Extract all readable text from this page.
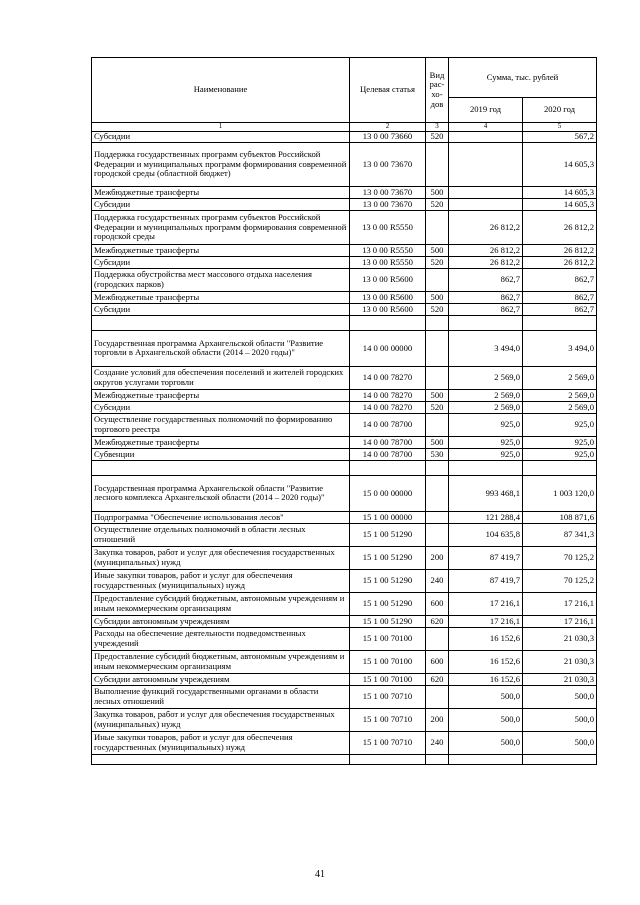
Наименование	Целевая статья	Вид рас-хо-дов	Сумма, тыс. рублей	
			2019 год	2020 год
1	2	3	4	5
Субсидии	13 0 00 73660	520		567,2
Поддержка государственных программ субъектов Российской Федерации и муниципальных программ формирования современной городской среды (областной бюджет)	13 0 00 73670			14 605,3
Межбюджетные трансферты	13 0 00 73670	500		14 605,3
Субсидии	13 0 00 73670	520		14 605,3
Поддержка государственных программ субъектов Российской Федерации и муниципальных программ формирования современной городской среды	13 0 00 R5550		26 812,2	26 812,2
Межбюджетные трансферты	13 0 00 R5550	500	26 812,2	26 812,2
Субсидии	13 0 00 R5550	520	26 812,2	26 812,2
Поддержка обустройства мест массового отдыха населения (городских парков)	13 0 00 R5600		862,7	862,7
Межбюджетные трансферты	13 0 00 R5600	500	862,7	862,7
Субсидии	13 0 00 R5600	520	862,7	862,7

Государственная программа Архангельской области "Развитие торговли в Архангельской области (2014 – 2020 годы)"	14 0 00 00000		3 494,0	3 494,0
Создание условий для обеспечения поселений и жителей городских округов услугами торговли	14 0 00 78270		2 569,0	2 569,0
Межбюджетные трансферты	14 0 00 78270	500	2 569,0	2 569,0
Субсидии	14 0 00 78270	520	2 569,0	2 569,0
Осуществление государственных полномочий по формированию торгового реестра	14 0 00 78700		925,0	925,0
Межбюджетные трансферты	14 0 00 78700	500	925,0	925,0
Субвенции	14 0 00 78700	530	925,0	925,0

Государственная программа Архангельской области "Развитие лесного комплекса Архангельской области (2014 – 2020 годы)"	15 0 00 00000		993 468,1	1 003 120,0
Подпрограмма "Обеспечение использования лесов"	15 1 00 00000		121 288,4	108 871,6
Осуществление отдельных полномочий в области лесных отношений	15 1 00 51290		104 635,8	87 341,3
Закупка товаров, работ и услуг для обеспечения государственных (муниципальных) нужд	15 1 00 51290	200	87 419,7	70 125,2
Иные закупки товаров, работ и услуг для обеспечения государственных (муниципальных) нужд	15 1 00 51290	240	87 419,7	70 125,2
Предоставление субсидий бюджетным, автономным учреждениям и иным некоммерческим организациям	15 1 00 51290	600	17 216,1	17 216,1
Субсидии автономным учреждениям	15 1 00 51290	620	17 216,1	17 216,1
Расходы на обеспечение деятельности подведомственных учреждений	15 1 00 70100		16 152,6	21 030,3
Предоставление субсидий бюджетным, автономным учреждениям и иным некоммерческим организациям	15 1 00 70100	600	16 152,6	21 030,3
Субсидии автономным учреждениям	15 1 00 70100	620	16 152,6	21 030,3
Выполнение функций государственными органами в области лесных отношений	15 1 00 70710		500,0	500,0
Закупка товаров, работ и услуг для обеспечения государственных (муниципальных) нужд	15 1 00 70710	200	500,0	500,0
Иные закупки товаров, работ и услуг для обеспечения государственных (муниципальных) нужд	15 1 00 70710	240	500,0	500,0

41
